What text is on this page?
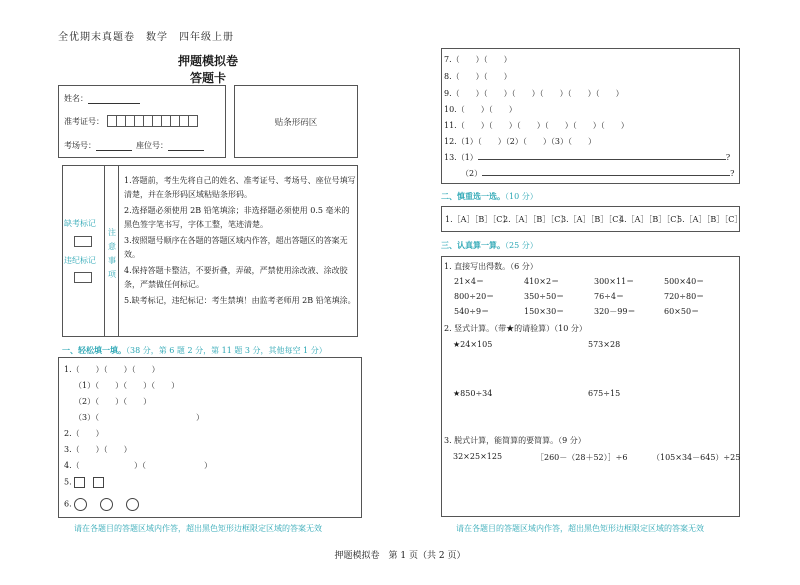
全优期末真题卷　数学　四年级上册
押题模拟卷
答题卡
姓名：
准考证号：
考场号：	座位号：
贴条形码区
缺考标记
违纪标记
注
意
事
项

1.答题前，考生先将自己的姓名、准考证号、考场号、座位号填写清楚，并在条形码区域粘贴条形码。

2.选择题必须使用 2B 铅笔填涂；非选择题必须使用 0.5 毫米的黑色签字笔书写，字体工整，笔迹清楚。

3.按照题号顺序在各题的答题区域内作答，超出答题区的答案无效。

4.保持答题卡整洁，不要折叠，弄破，严禁使用涂改液、涂改胶条，严禁做任何标记。

5.缺考标记，违纪标记：考生禁填！由监考老师用 2B 铅笔填涂。

一、轻松填一填。（38 分，第 6 题 2 分，第 11 题 3 分，其他每空 1 分）
1.（　　）（　　）（　　）
（1）（　　）（　　）（　　）
（2）（　　）（　　）
（3）（	）
2.（　　）
3.（　　）（　　）
4.（	）（	）
5.
6.
请在各题目的答题区域内作答，超出黑色矩形边框限定区域的答案无效
7.（　　）（　　）
8.（　　）（　　）
9.（　　）（　　）（　　）（　　）（　　）（　　）
10.（　　）（　　）
11.（　　）（　　）（　　）（　　）（　　）（　　）
12.（1）（　　）（2）（　　）（3）（　　）
13.（1）	?
（2）	?
二、慎重选一选。（10 分）
1.［A］［B］［C］
2.［A］［B］［C］
3.［A］［B］［C］
4.［A］［B］［C］
5.［A］［B］［C］
三、认真算一算。（25 分）
1. 直接写出得数。（6 分）
21×4＝	410×2＝	300×11＝	500×40＝
800÷20＝	350÷50＝	76÷4＝	720÷80＝
540÷9＝	150×30＝	320－99＝	60×50＝
2. 竖式计算。（带★的请验算）（10 分）
★24×105	573×28
★850÷34	675÷15
3. 脱式计算，能简算的要简算。（9 分）
32×25×125	［260－（28＋52）］÷6	（105×34－645）÷25
请在各题目的答题区域内作答，超出黑色矩形边框限定区域的答案无效
押题模拟卷　第 1 页（共 2 页）
